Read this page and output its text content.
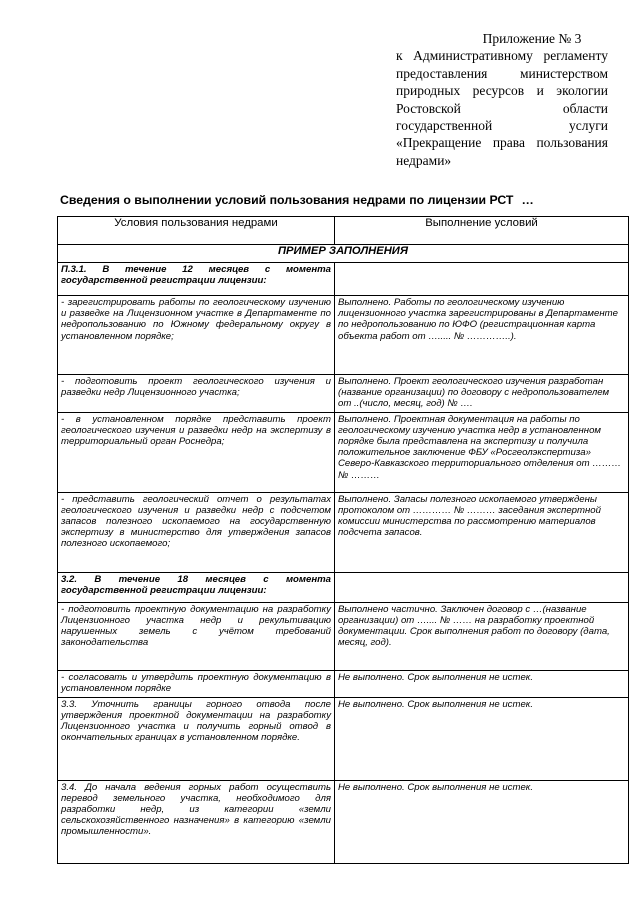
Приложение № 3
к Административному регламенту предоставления министерством природных ресурсов и экологии Ростовской области государственной услуги «Прекращение права пользования недрами»
Сведения о выполнении условий пользования недрами по лицензии РСТ …
Условия пользования недрами	Выполнение условий
ПРИМЕР ЗАПОЛНЕНИЯ	
П.3.1. В течение 12 месяцев с момента государственной регистрации лицензии:	
- зарегистрировать работы по геологическому изучению и разведке на Лицензионном участке в Департаменте по недропользованию по Южному федеральному округу в установленном порядке;	Выполнено. Работы по геологическому изучению лицензионного участка зарегистрированы в Департаменте по недропользованию по ЮФО (регистрационная карта объекта работ от …..... № …………..).
- подготовить проект геологического изучения и разведки недр Лицензионного участка;	Выполнено. Проект геологического изучения разработан (название организации) по договору с недропользователем от ..(число, месяц, год) № ….
- в установленном порядке представить проект геологического изучения и разведки недр на экспертизу в территориальный орган Роснедра;	Выполнено. Проектная документация на работы по геологическому изучению участка недр в установленном порядке была представлена на экспертизу и получила положительное заключение ФБУ «Росгеолэкспертиза» Северо-Кавказского территориального отделения от ……… № ………
- представить геологический отчет о результатах геологического изучения и разведки недр с подсчетом запасов полезного ископаемого на государственную экспертизу в министерство для утверждения запасов полезного ископаемого;	Выполнено. Запасы полезного ископаемого утверждены протоколом от ………… № ……… заседания экспертной комиссии министерства по рассмотрению материалов подсчета запасов.
3.2. В течение 18 месяцев с момента государственной регистрации лицензии:	
- подготовить проектную документацию на разработку Лицензионного участка недр и рекультивацию нарушенных земель с учётом требований законодательства	Выполнено частично. Заключен договор с …(название организации) от ….... № …… на разработку проектной документации. Срок выполнения работ по договору (дата, месяц, год).
- согласовать и утвердить проектную документацию в установленном порядке	Не выполнено. Срок выполнения не истек.
3.3. Уточнить границы горного отвода после утверждения проектной документации на разработку Лицензионного участка и получить горный отвод в окончательных границах в установленном порядке.	Не выполнено. Срок выполнения не истек.
3.4. До начала ведения горных работ осуществить перевод земельного участка, необходимого для разработки недр, из категории «земли сельскохозяйственного назначения» в категорию «земли промышленности».	Не выполнено. Срок выполнения не истек.
